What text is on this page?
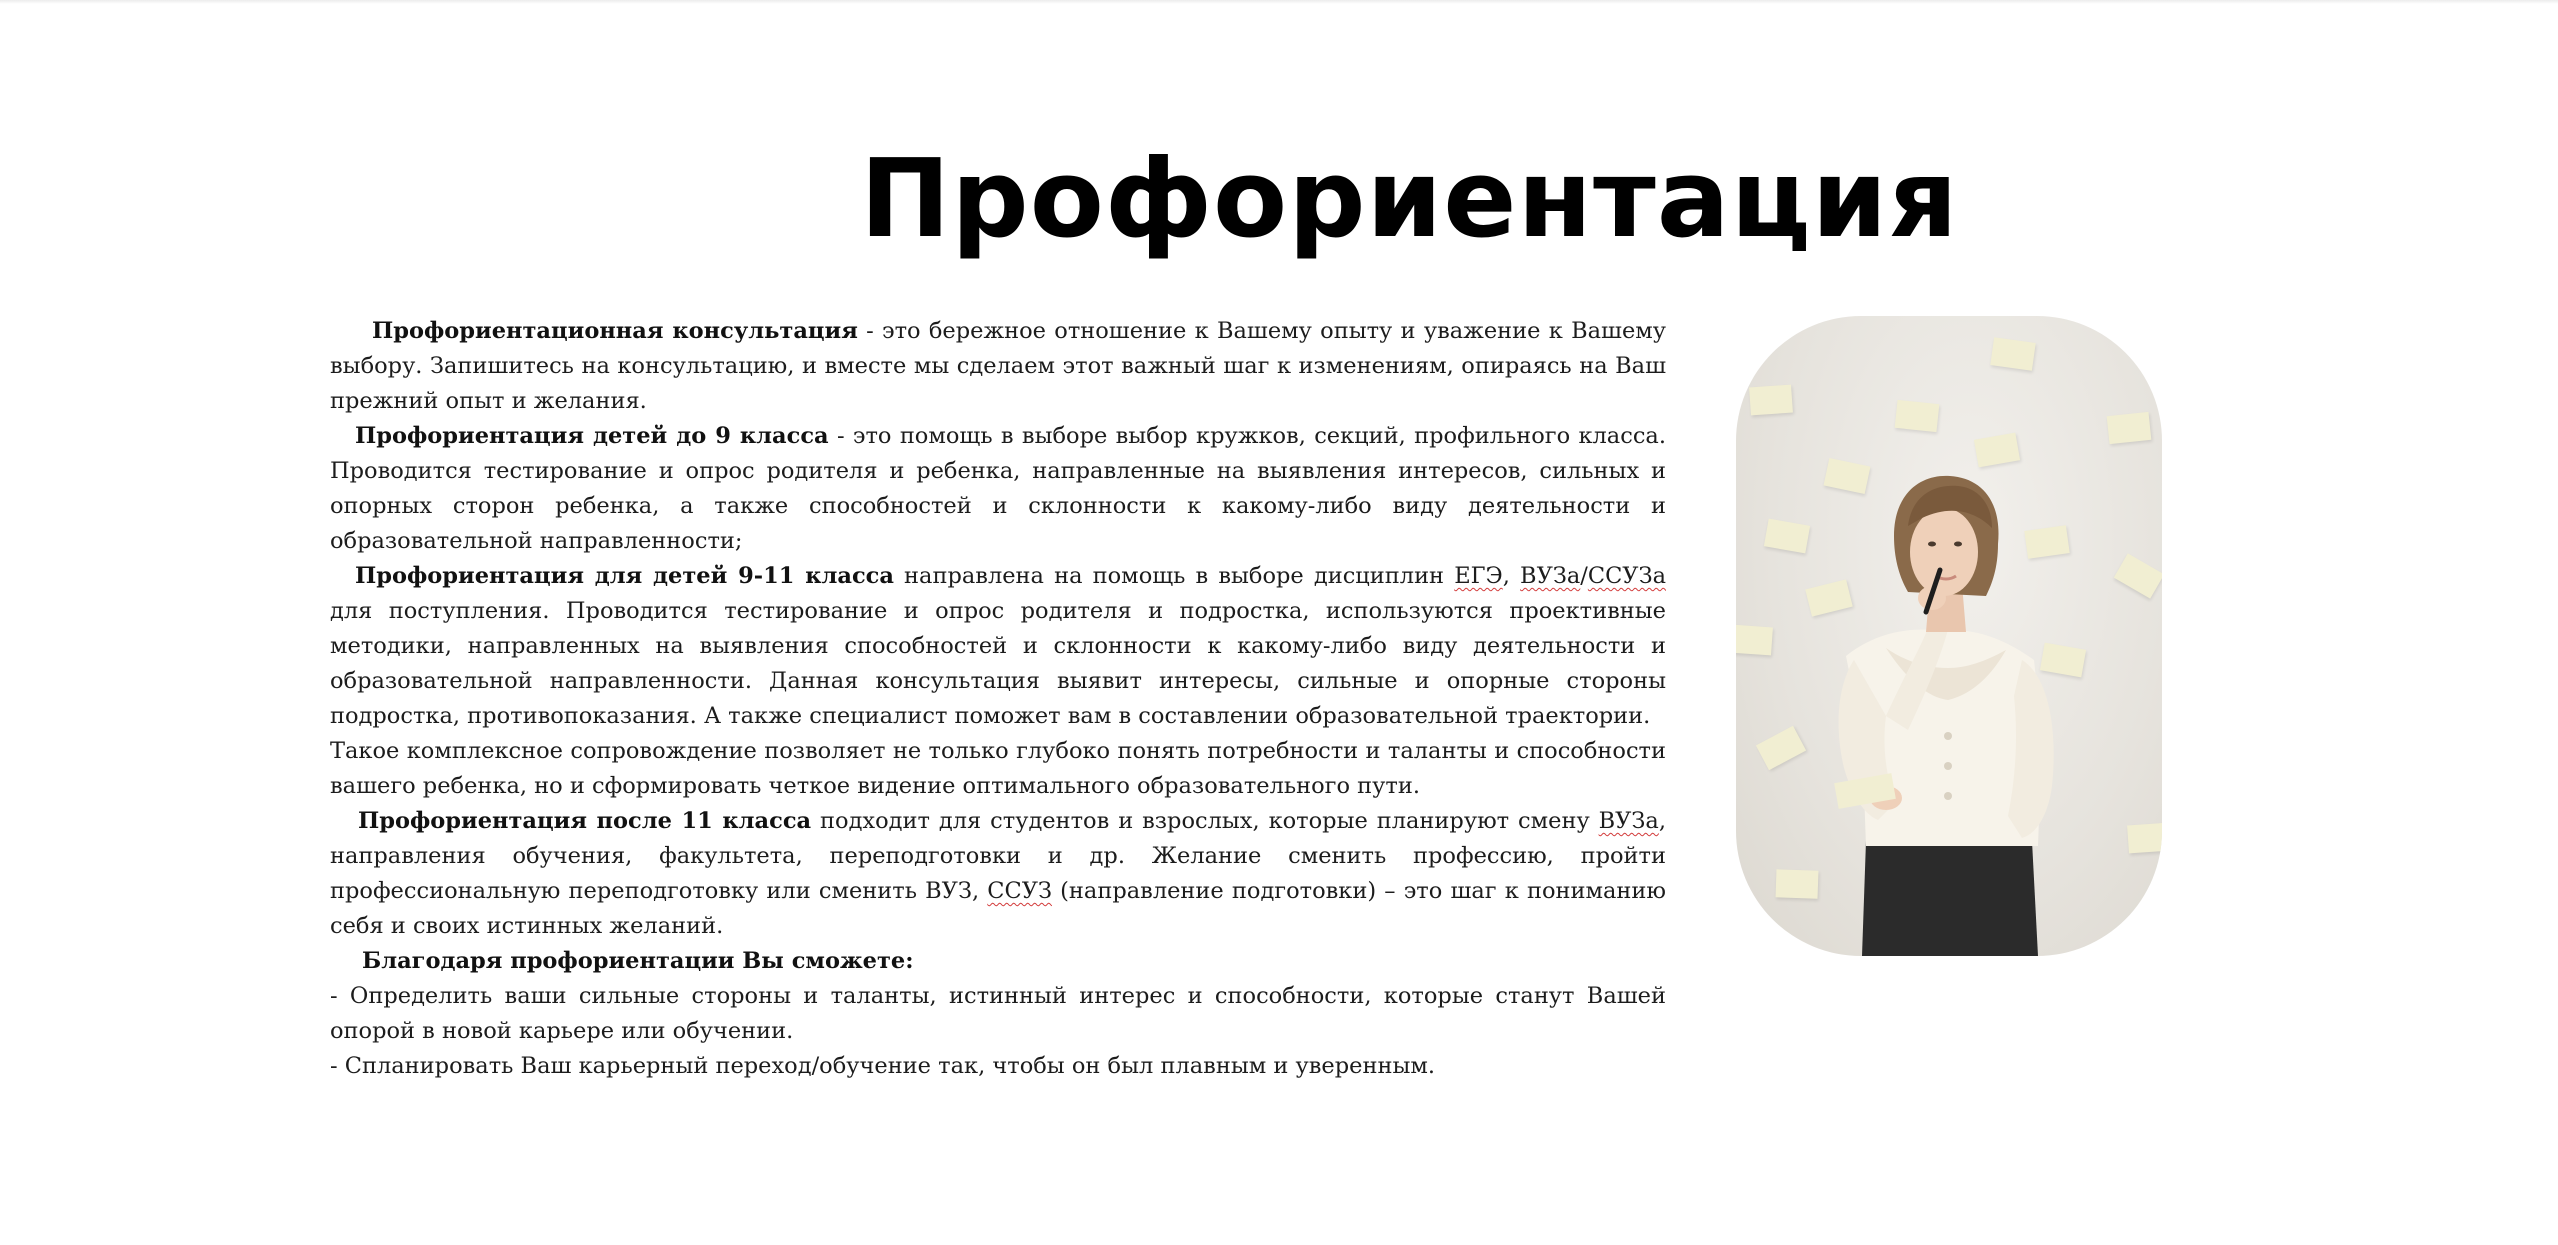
Профориентация

Профориентационная консультация - это бережное отношение к Вашему опыту и уважение к Вашему выбору. Запишитесь на консультацию, и вместе мы сделаем этот важный шаг к изменениям, опираясь на Ваш прежний опыт и желания.

Профориентация детей до 9 класса - это помощь в выборе выбор кружков, секций, профильного класса. Проводится тестирование и опрос родителя и ребенка, направленные на выявления интересов, сильных и опорных сторон ребенка, а также способностей и склонности к какому-либо виду деятельности и образовательной направленности;

Профориентация для детей 9-11 класса направлена на помощь в выборе дисциплин ЕГЭ, ВУЗа/ССУЗа для поступления. Проводится тестирование и опрос родителя и подростка, используются проективные методики, направленных на выявления способностей и склонности к какому-либо виду деятельности и образовательной направленности. Данная консультация выявит интересы, сильные и опорные стороны подростка, противопоказания. А также специалист поможет вам в составлении образовательной траектории.

Такое комплексное сопровождение позволяет не только глубоко понять потребности и таланты и способности вашего ребенка, но и сформировать четкое видение оптимального образовательного пути.

Профориентация после 11 класса подходит для студентов и взрослых, которые планируют смену ВУЗа, направления обучения, факультета, переподготовки и др. Желание сменить профессию, пройти профессиональную переподготовку или сменить ВУЗ, ССУЗ (направление подготовки) – это шаг к пониманию себя и своих истинных желаний.

Благодаря профориентации Вы сможете:

- Определить ваши сильные стороны и таланты, истинный интерес и способности, которые станут Вашей опорой в новой карьере или обучении.

- Спланировать Ваш карьерный переход/обучение так, чтобы он был плавным и уверенным.
